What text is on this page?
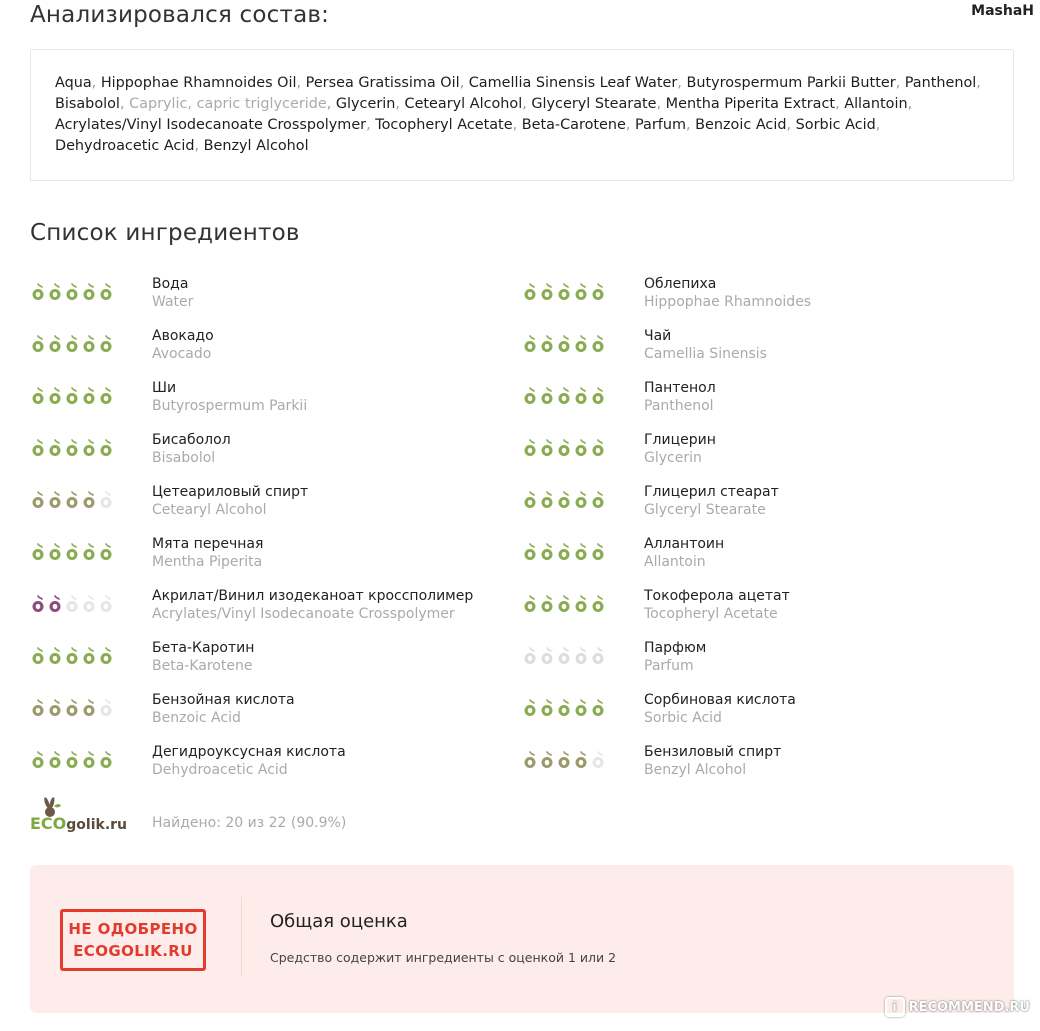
Анализировался состав:	MashaH
Aqua, Hippophae Rhamnoides Oil, Persea Gratissima Oil, Camellia Sinensis Leaf Water, Butyrospermum Parkii Butter, Panthenol, Bisabolol, Caprylic, capric triglyceride, Glycerin, Cetearyl Alcohol, Glyceryl Stearate, Mentha Piperita Extract, Allantoin, Acrylates/Vinyl Isodecanoate Crosspolymer, Tocopheryl Acetate, Beta-Carotene, Parfum, Benzoic Acid, Sorbic Acid, Dehydroacetic Acid, Benzyl Alcohol
Список ингредиентов
Вода
Water
Облепиха
Hippophae Rhamnoides
Авокадо
Avocado
Чай
Camellia Sinensis
Ши
Butyrospermum Parkii
Пантенол
Panthenol
Бисаболол
Bisabolol
Глицерин
Glycerin
Цетеариловый спирт
Cetearyl Alcohol
Глицерил стеарат
Glyceryl Stearate
Мята перечная
Mentha Piperita
Аллантоин
Allantoin
Акрилат/Винил изодеканоат кроссполимер
Acrylates/Vinyl Isodecanoate Crosspolymer
Токоферола ацетат
Tocopheryl Acetate
Бета-Каротин
Beta-Karotene
Парфюм
Parfum
Бензойная кислота
Benzoic Acid
Сорбиновая кислота
Sorbic Acid
Дегидроуксусная кислота
Dehydroacetic Acid
Бензиловый спирт
Benzyl Alcohol
ECOgolik.ru Найдено: 20 из 22 (90.9%)
НЕ ОДОБРЕНО
ECOGOLIK.RU
Общая оценка
Средство содержит ингредиенты с оценкой 1 или 2
i RECOMMEND.RU
